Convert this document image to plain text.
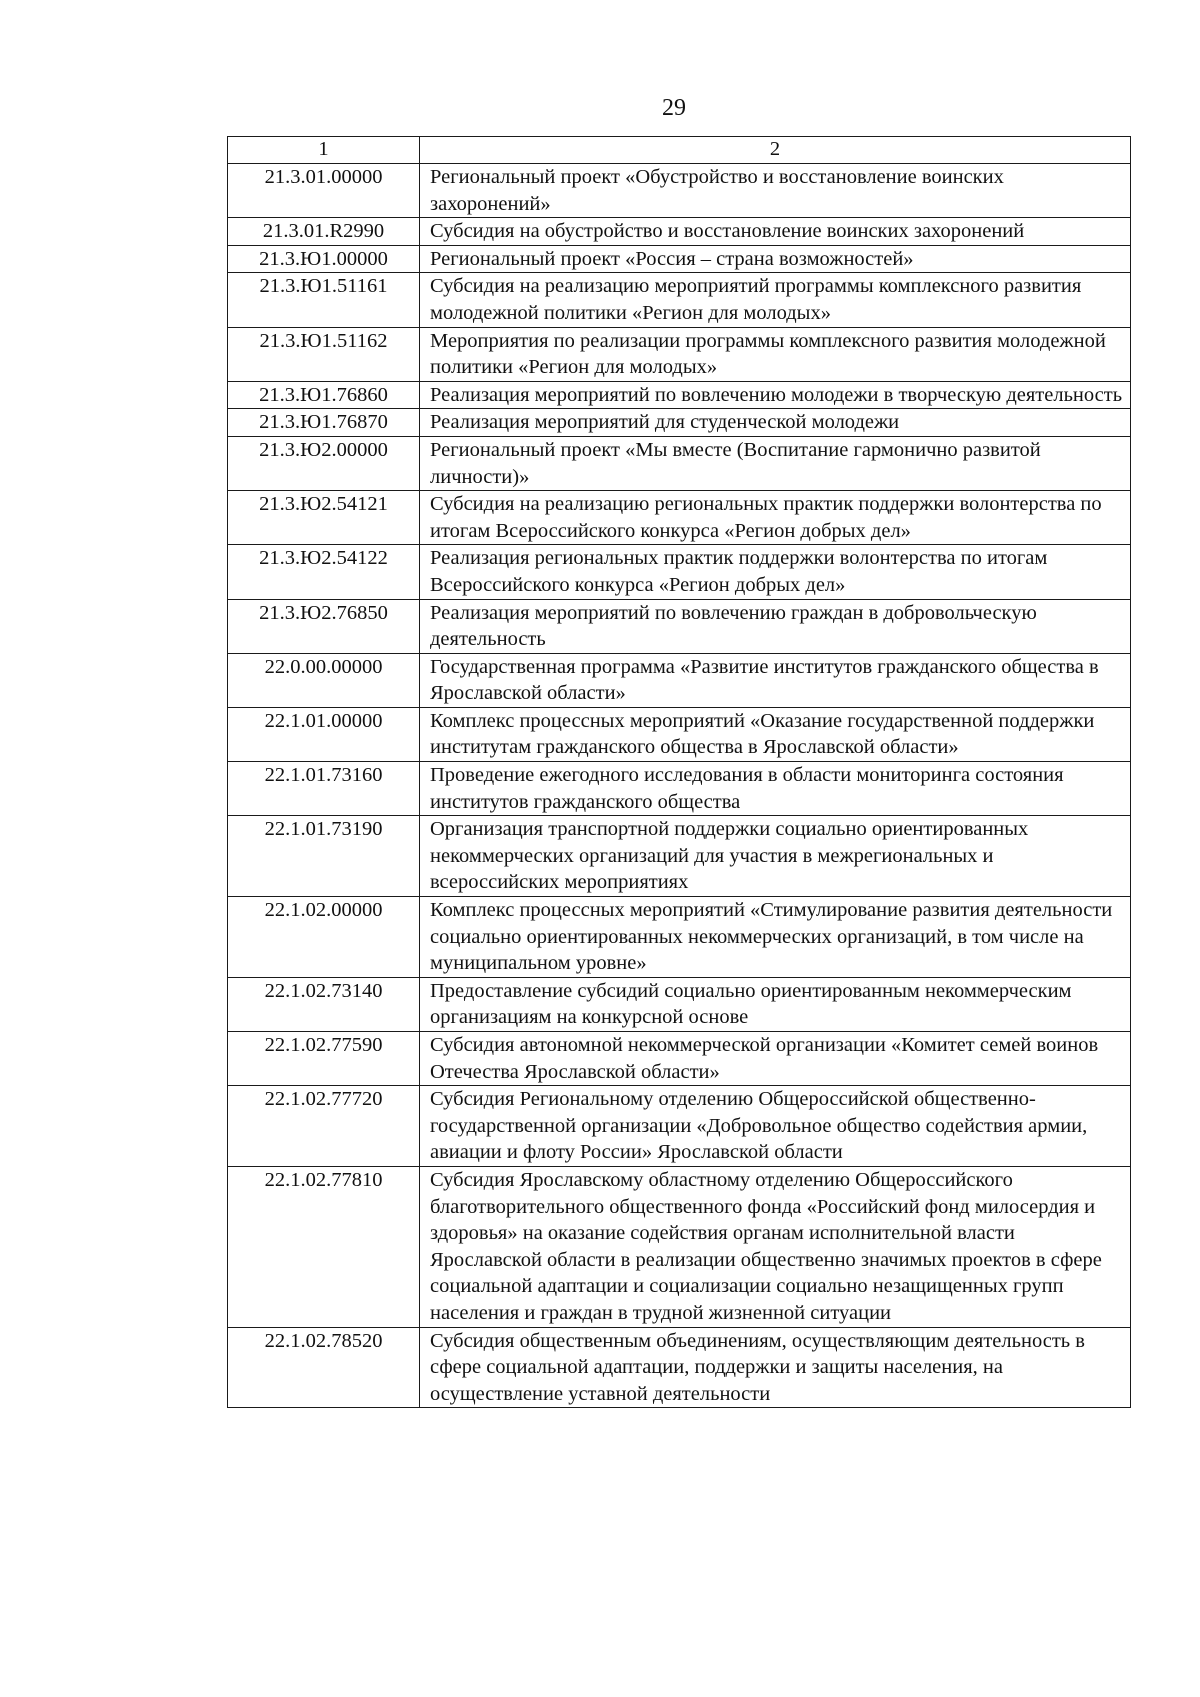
29
1	2
21.3.01.00000	Региональный проект «Обустройство и восстановление воинских захоронений»
21.3.01.R2990	Субсидия на обустройство и восстановление воинских захоронений
21.3.Ю1.00000	Региональный проект «Россия – страна возможностей»
21.3.Ю1.51161	Субсидия на реализацию мероприятий программы комплексного развития молодежной политики «Регион для молодых»
21.3.Ю1.51162	Мероприятия по реализации программы комплексного развития молодежной политики «Регион для молодых»
21.3.Ю1.76860	Реализация мероприятий по вовлечению молодежи в творческую деятельность
21.3.Ю1.76870	Реализация мероприятий для студенческой молодежи
21.3.Ю2.00000	Региональный проект «Мы вместе (Воспитание гармонично развитой личности)»
21.3.Ю2.54121	Субсидия на реализацию региональных практик поддержки волонтерства по итогам Всероссийского конкурса «Регион добрых дел»
21.3.Ю2.54122	Реализация региональных практик поддержки волонтерства по итогам Всероссийского конкурса «Регион добрых дел»
21.3.Ю2.76850	Реализация мероприятий по вовлечению граждан в добровольческую деятельность
22.0.00.00000	Государственная программа «Развитие институтов гражданского общества в Ярославской области»
22.1.01.00000	Комплекс процессных мероприятий «Оказание государственной поддержки институтам гражданского общества в Ярославской области»
22.1.01.73160	Проведение ежегодного исследования в области мониторинга состояния институтов гражданского общества
22.1.01.73190	Организация транспортной поддержки социально ориентированных некоммерческих организаций для участия в межрегиональных и всероссийских мероприятиях
22.1.02.00000	Комплекс процессных мероприятий «Стимулирование развития деятельности социально ориентированных некоммерческих организаций, в том числе на муниципальном уровне»
22.1.02.73140	Предоставление субсидий социально ориентированным некоммерческим организациям на конкурсной основе
22.1.02.77590	Субсидия автономной некоммерческой организации «Комитет семей воинов Отечества Ярославской области»
22.1.02.77720	Субсидия Региональному отделению Общероссийской общественно-государственной организации «Добровольное общество содействия армии, авиации и флоту России» Ярославской области
22.1.02.77810	Субсидия Ярославскому областному отделению Общероссийского благотворительного общественного фонда «Российский фонд милосердия и здоровья» на оказание содействия органам исполнительной власти Ярославской области в реализации общественно значимых проектов в сфере социальной адаптации и социализации социально незащищенных групп населения и граждан в трудной жизненной ситуации
22.1.02.78520	Субсидия общественным объединениям, осуществляющим деятельность в сфере социальной адаптации, поддержки и защиты населения, на осуществление уставной деятельности
